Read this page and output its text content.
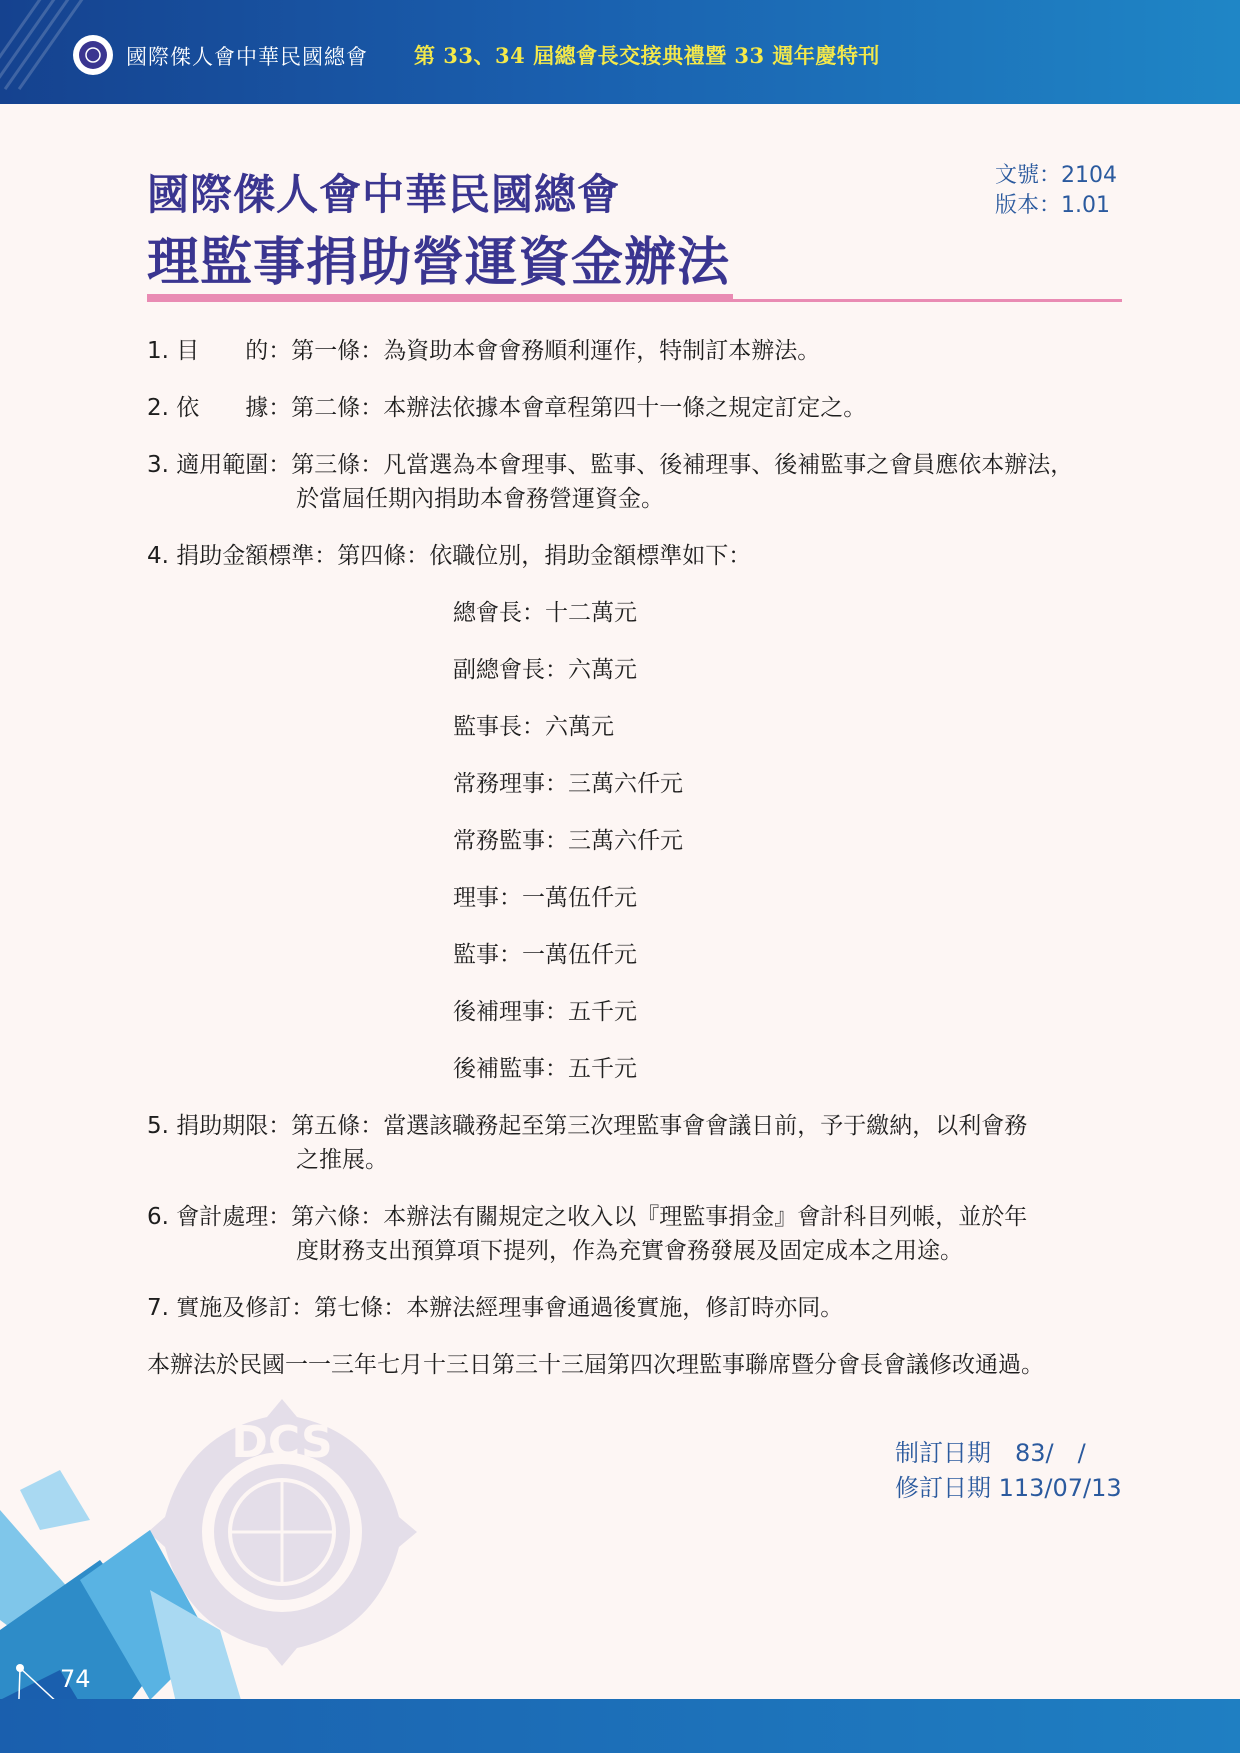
國際傑人會中華民國總會 第 33、34 屆總會長交接典禮暨 33 週年慶特刊
文號：2104
版本：1.01
國際傑人會中華民國總會
理監事捐助營運資金辦法
1. 目　　的：第一條：為資助本會會務順利運作，特制訂本辦法。
2. 依　　據：第二條：本辦法依據本會章程第四十一條之規定訂定之。
3. 適用範圍：第三條：凡當選為本會理事、監事、後補理事、後補監事之會員應依本辦法，
於當屆任期內捐助本會務營運資金。
4. 捐助金額標準：第四條：依職位別，捐助金額標準如下：
總會長：十二萬元
副總會長：六萬元
監事長：六萬元
常務理事：三萬六仟元
常務監事：三萬六仟元
理事：一萬伍仟元
監事：一萬伍仟元
後補理事：五千元
後補監事：五千元
5. 捐助期限：第五條：當選該職務起至第三次理監事會會議日前，予于繳納，以利會務
之推展。
6. 會計處理：第六條：本辦法有關規定之收入以『理監事捐金』會計科目列帳，並於年
度財務支出預算項下提列，作為充實會務發展及固定成本之用途。
7. 實施及修訂：第七條：本辦法經理事會通過後實施，修訂時亦同。
本辦法於民國一一三年七月十三日第三十三屆第四次理監事聯席暨分會長會議修改通過。
DCS	制訂日期　83/　/
修訂日期 113/07/13
74
